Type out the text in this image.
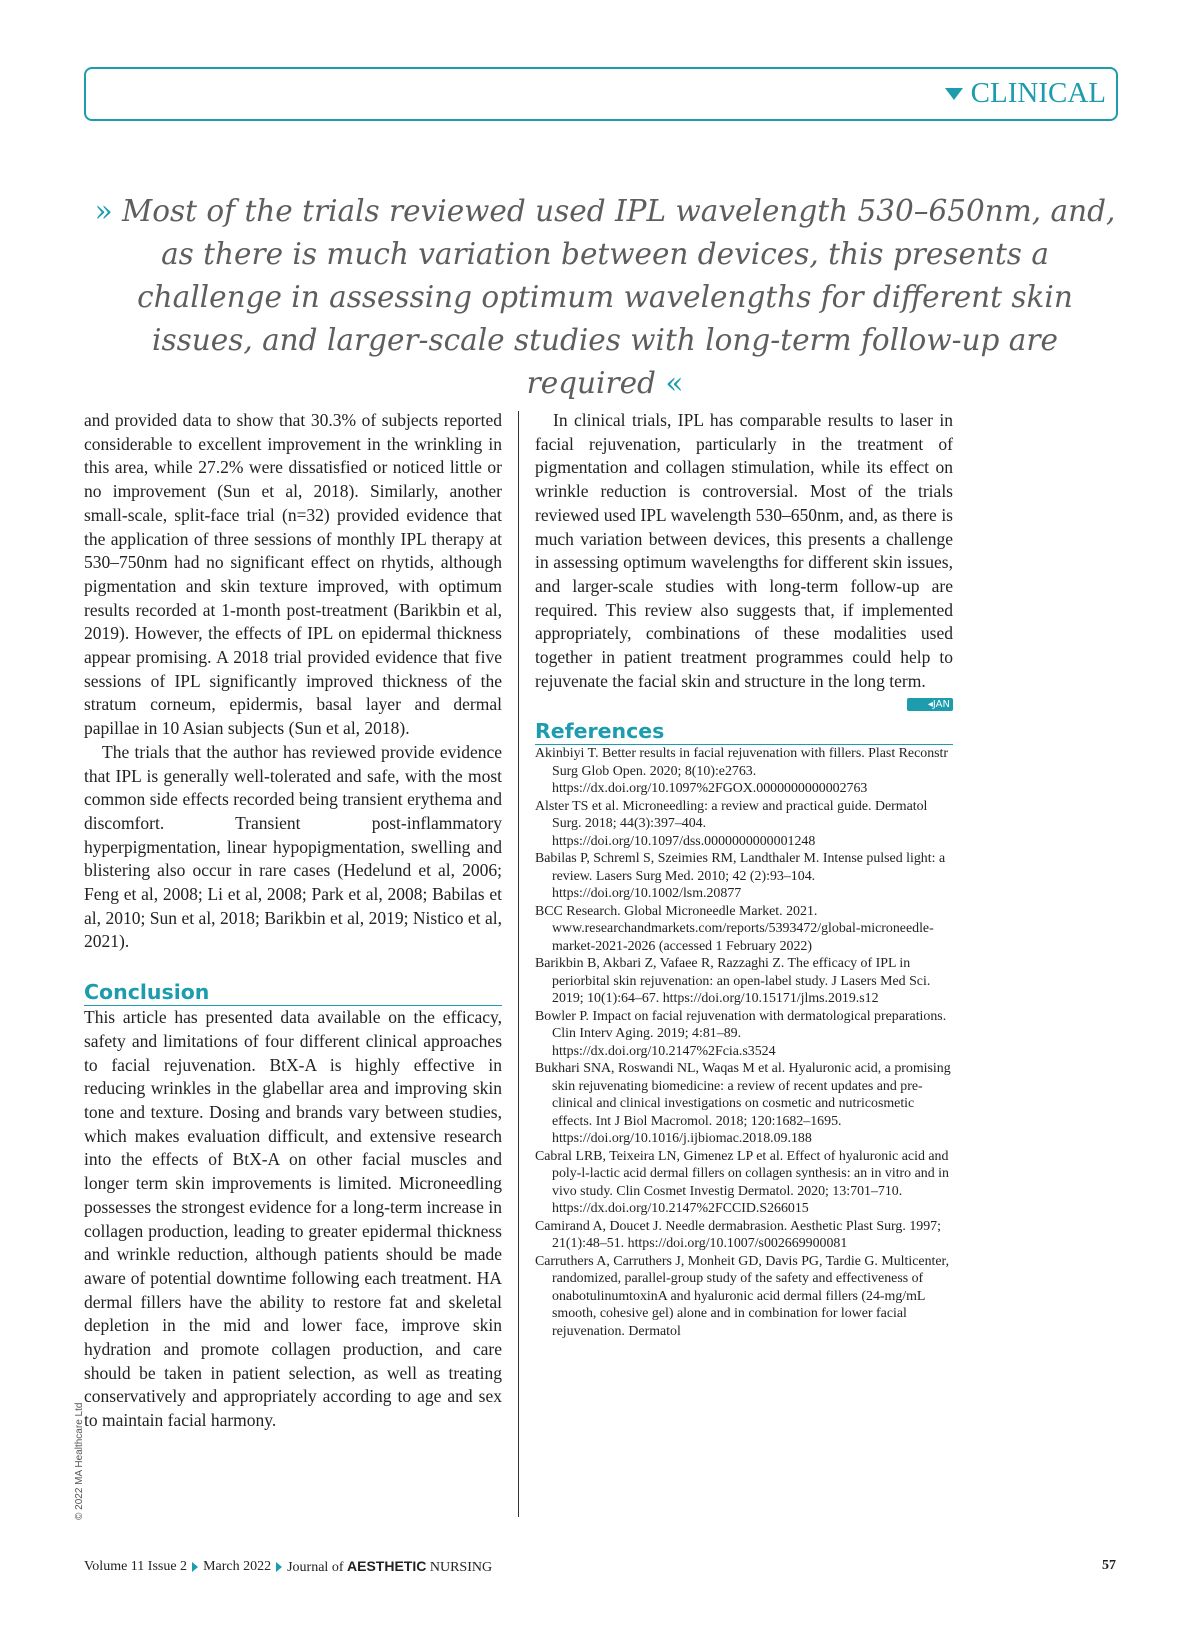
CLINICAL
» Most of the trials reviewed used IPL wavelength 530–650nm, and, as there is much variation between devices, this presents a challenge in assessing optimum wavelengths for different skin issues, and larger-scale studies with long-term follow-up are required «

and provided data to show that 30.3% of subjects reported considerable to excellent improvement in the wrinkling in this area, while 27.2% were dissatisfied or noticed little or no improvement (Sun et al, 2018). Similarly, another small-scale, split-face trial (n=32) provided evidence that the application of three sessions of monthly IPL therapy at 530–750nm had no significant effect on rhytids, although pigmentation and skin texture improved, with optimum results recorded at 1-month post-treatment (Barikbin et al, 2019). However, the effects of IPL on epidermal thickness appear promising. A 2018 trial provided evidence that five sessions of IPL significantly improved thickness of the stratum corneum, epidermis, basal layer and dermal papillae in 10 Asian subjects (Sun et al, 2018).

The trials that the author has reviewed provide evidence that IPL is generally well-tolerated and safe, with the most common side effects recorded being transient erythema and discomfort. Transient post-inflammatory hyperpigmentation, linear hypopigmentation, swelling and blistering also occur in rare cases (Hedelund et al, 2006; Feng et al, 2008; Li et al, 2008; Park et al, 2008; Babilas et al, 2010; Sun et al, 2018; Barikbin et al, 2019; Nistico et al, 2021).

Conclusion

This article has presented data available on the efficacy, safety and limitations of four different clinical approaches to facial rejuvenation. BtX-A is highly effective in reducing wrinkles in the glabellar area and improving skin tone and texture. Dosing and brands vary between studies, which makes evaluation difficult, and extensive research into the effects of BtX-A on other facial muscles and longer term skin improvements is limited. Microneedling possesses the strongest evidence for a long-term increase in collagen production, leading to greater epidermal thickness and wrinkle reduction, although patients should be made aware of potential downtime following each treatment. HA dermal fillers have the ability to restore fat and skeletal depletion in the mid and lower face, improve skin hydration and promote collagen production, and care should be taken in patient selection, as well as treating conservatively and appropriately according to age and sex to maintain facial harmony.

In clinical trials, IPL has comparable results to laser in facial rejuvenation, particularly in the treatment of pigmentation and collagen stimulation, while its effect on wrinkle reduction is controversial. Most of the trials reviewed used IPL wavelength 530–650nm, and, as there is much variation between devices, this presents a challenge in assessing optimum wavelengths for different skin issues, and larger-scale studies with long-term follow-up are required. This review also suggests that, if implemented appropriately, combinations of these modalities used together in patient treatment programmes could help to rejuvenate the facial skin and structure in the long term.
◂JAN

References

Akinbiyi T. Better results in facial rejuvenation with fillers. Plast Reconstr Surg Glob Open. 2020; 8(10):e2763. https://dx.doi.org/10.1097%2FGOX.0000000000002763

Alster TS et al. Microneedling: a review and practical guide. Dermatol Surg. 2018; 44(3):397–404. https://doi.org/10.1097/dss.0000000000001248

Babilas P, Schreml S, Szeimies RM, Landthaler M. Intense pulsed light: a review. Lasers Surg Med. 2010; 42 (2):93–104. https://doi.org/10.1002/lsm.20877

BCC Research. Global Microneedle Market. 2021. www.researchandmarkets.com/reports/5393472/global-microneedle-market-2021-2026 (accessed 1 February 2022)

Barikbin B, Akbari Z, Vafaee R, Razzaghi Z. The efficacy of IPL in periorbital skin rejuvenation: an open-label study. J Lasers Med Sci. 2019; 10(1):64–67. https://doi.org/10.15171/jlms.2019.s12

Bowler P. Impact on facial rejuvenation with dermatological preparations. Clin Interv Aging. 2019; 4:81–89. https://dx.doi.org/10.2147%2Fcia.s3524

Bukhari SNA, Roswandi NL, Waqas M et al. Hyaluronic acid, a promising skin rejuvenating biomedicine: a review of recent updates and pre-clinical and clinical investigations on cosmetic and nutricosmetic effects. Int J Biol Macromol. 2018; 120:1682–1695. https://doi.org/10.1016/j.ijbiomac.2018.09.188

Cabral LRB, Teixeira LN, Gimenez LP et al. Effect of hyaluronic acid and poly-l-lactic acid dermal fillers on collagen synthesis: an in vitro and in vivo study. Clin Cosmet Investig Dermatol. 2020; 13:701–710. https://dx.doi.org/10.2147%2FCCID.S266015

Camirand A, Doucet J. Needle dermabrasion. Aesthetic Plast Surg. 1997; 21(1):48–51. https://doi.org/10.1007/s002669900081

Carruthers A, Carruthers J, Monheit GD, Davis PG, Tardie G. Multicenter, randomized, parallel-group study of the safety and effectiveness of onabotulinumtoxinA and hyaluronic acid dermal fillers (24-mg/mL smooth, cohesive gel) alone and in combination for lower facial rejuvenation. Dermatol

© 2022 MA Healthcare Ltd
Volume 11 Issue 2 March 2022 Journal of AESTHETIC NURSING	57
